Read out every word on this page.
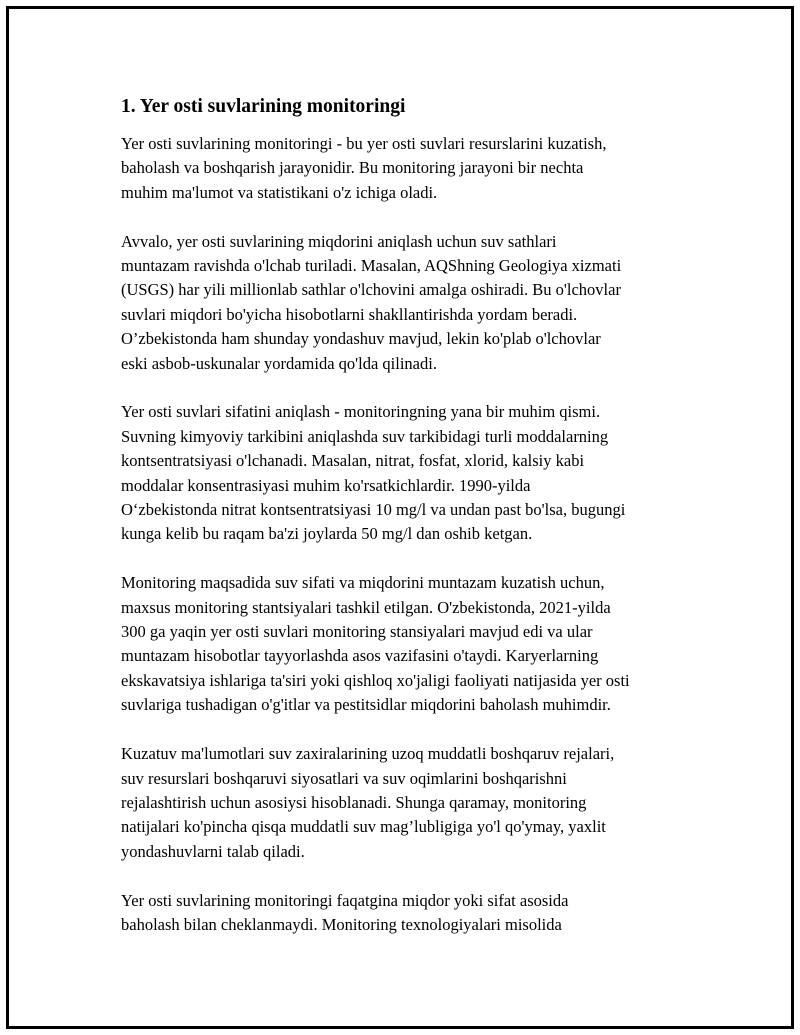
1. Yer osti suvlarining monitoringi
Yer osti suvlarining monitoringi - bu yer osti suvlari resurslarini kuzatish,
baholash va boshqarish jarayonidir. Bu monitoring jarayoni bir nechta
muhim ma'lumot va statistikani o'z ichiga oladi.
Avvalo, yer osti suvlarining miqdorini aniqlash uchun suv sathlari
muntazam ravishda o'lchab turiladi. Masalan, AQShning Geologiya xizmati
(USGS) har yili millionlab sathlar o'lchovini amalga oshiradi. Bu o'lchovlar
suvlari miqdori bo'yicha hisobotlarni shakllantirishda yordam beradi.
O’zbekistonda ham shunday yondashuv mavjud, lekin ko'plab o'lchovlar
eski asbob-uskunalar yordamida qo'lda qilinadi.
Yer osti suvlari sifatini aniqlash - monitoringning yana bir muhim qismi.
Suvning kimyoviy tarkibini aniqlashda suv tarkibidagi turli moddalarning
kontsentratsiyasi o'lchanadi. Masalan, nitrat, fosfat, xlorid, kalsiy kabi
moddalar konsentrasiyasi muhim ko'rsatkichlardir. 1990-yilda
O‘zbekistonda nitrat kontsentratsiyasi 10 mg/l va undan past bo'lsa, bugungi
kunga kelib bu raqam ba'zi joylarda 50 mg/l dan oshib ketgan.
Monitoring maqsadida suv sifati va miqdorini muntazam kuzatish uchun,
maxsus monitoring stantsiyalari tashkil etilgan. O'zbekistonda, 2021-yilda
300 ga yaqin yer osti suvlari monitoring stansiyalari mavjud edi va ular
muntazam hisobotlar tayyorlashda asos vazifasini o'taydi. Karyerlarning
ekskavatsiya ishlariga ta'siri yoki qishloq xo'jaligi faoliyati natijasida yer osti
suvlariga tushadigan o'g'itlar va pestitsidlar miqdorini baholash muhimdir.
Kuzatuv ma'lumotlari suv zaxiralarining uzoq muddatli boshqaruv rejalari,
suv resurslari boshqaruvi siyosatlari va suv oqimlarini boshqarishni
rejalashtirish uchun asosiysi hisoblanadi. Shunga qaramay, monitoring
natijalari ko'pincha qisqa muddatli suv mag’lubligiga yo'l qo'ymay, yaxlit
yondashuvlarni talab qiladi.
Yer osti suvlarining monitoringi faqatgina miqdor yoki sifat asosida
baholash bilan cheklanmaydi. Monitoring texnologiyalari misolida
